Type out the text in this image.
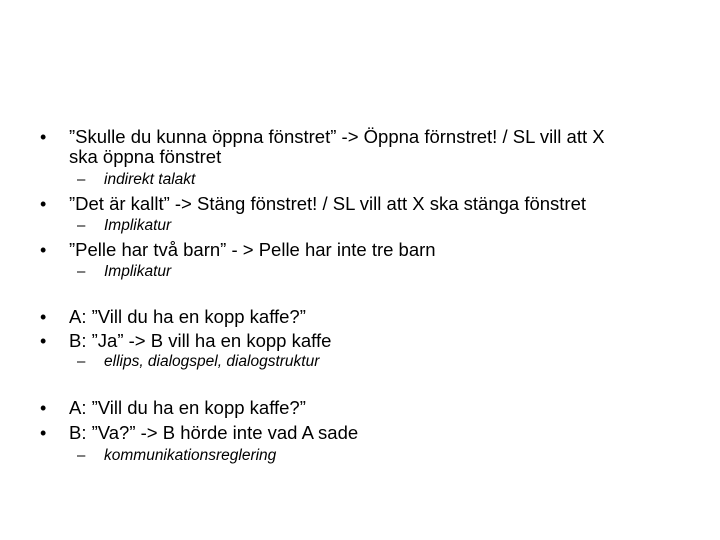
• ”Skulle du kunna öppna fönstret” -> Öppna förnstret! / SL vill att X
ska öppna fönstret
– indirekt talakt
• ”Det är kallt” -> Stäng fönstret! / SL vill att X ska stänga fönstret
– Implikatur
• ”Pelle har två barn” - > Pelle har inte tre barn
– Implikatur
• A: ”Vill du ha en kopp kaffe?”
• B: ”Ja” -> B vill ha en kopp kaffe
– ellips, dialogspel, dialogstruktur
• A: ”Vill du ha en kopp kaffe?”
• B: ”Va?” -> B hörde inte vad A sade
– kommunikationsreglering
